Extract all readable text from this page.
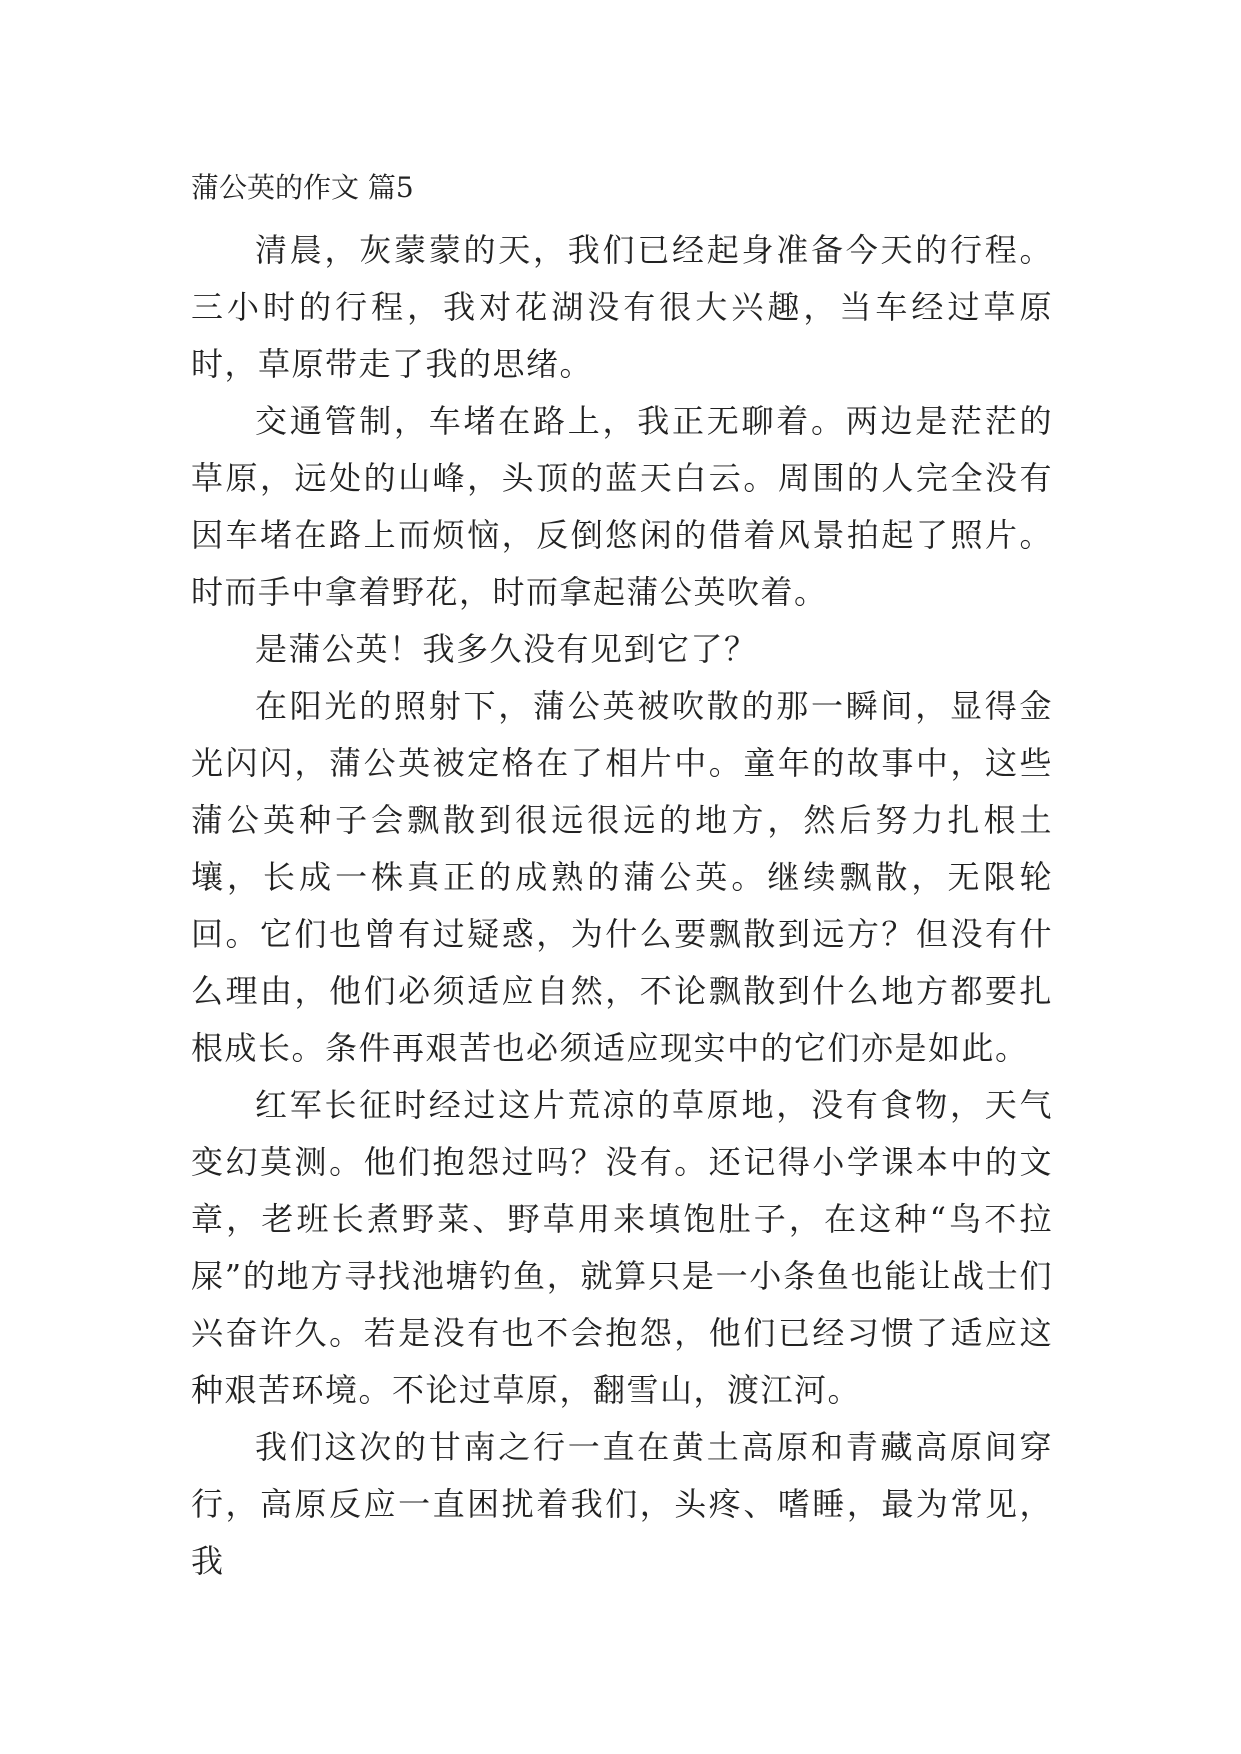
蒲公英的作文 篇5

清晨，灰蒙蒙的天，我们已经起身准备今天的行程。三小时的行程，我对花湖没有很大兴趣，当车经过草原时，草原带走了我的思绪。

交通管制，车堵在路上，我正无聊着。两边是茫茫的草原，远处的山峰，头顶的蓝天白云。周围的人完全没有因车堵在路上而烦恼，反倒悠闲的借着风景拍起了照片。时而手中拿着野花，时而拿起蒲公英吹着。

是蒲公英！我多久没有见到它了？

在阳光的照射下，蒲公英被吹散的那一瞬间，显得金光闪闪，蒲公英被定格在了相片中。童年的故事中，这些蒲公英种子会飘散到很远很远的地方，然后努力扎根土壤，长成一株真正的成熟的蒲公英。继续飘散，无限轮回。它们也曾有过疑惑，为什么要飘散到远方？但没有什么理由，他们必须适应自然，不论飘散到什么地方都要扎根成长。条件再艰苦也必须适应现实中的它们亦是如此。

红军长征时经过这片荒凉的草原地，没有食物，天气变幻莫测。他们抱怨过吗？没有。还记得小学课本中的文章，老班长煮野菜、野草用来填饱肚子，在这种“鸟不拉屎”的地方寻找池塘钓鱼，就算只是一小条鱼也能让战士们兴奋许久。若是没有也不会抱怨，他们已经习惯了适应这种艰苦环境。不论过草原，翻雪山，渡江河。

我们这次的甘南之行一直在黄土高原和青藏高原间穿行，高原反应一直困扰着我们，头疼、嗜睡，最为常见，我
